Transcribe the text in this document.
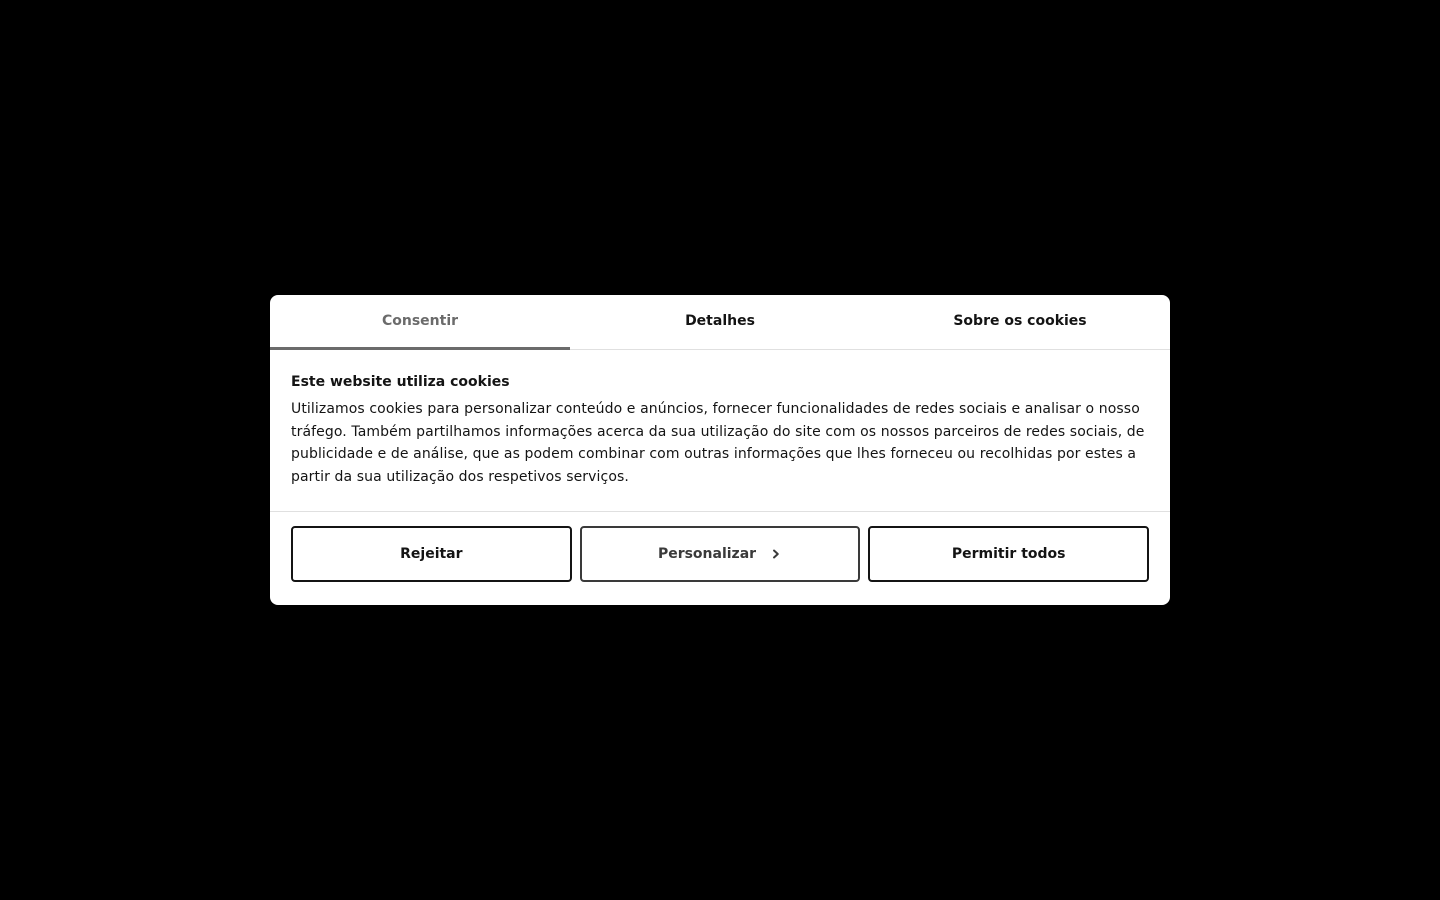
Consentir	Detalhes	Sobre os cookies
Este website utiliza cookies

Utilizamos cookies para personalizar conteúdo e anúncios, fornecer funcionalidades de redes sociais e analisar o nosso tráfego. Também partilhamos informações acerca da sua utilização do site com os nossos parceiros de redes sociais, de publicidade e de análise, que as podem combinar com outras informações que lhes forneceu ou recolhidas por estes a partir da sua utilização dos respetivos serviços.

Rejeitar	Personalizar	Permitir todos
